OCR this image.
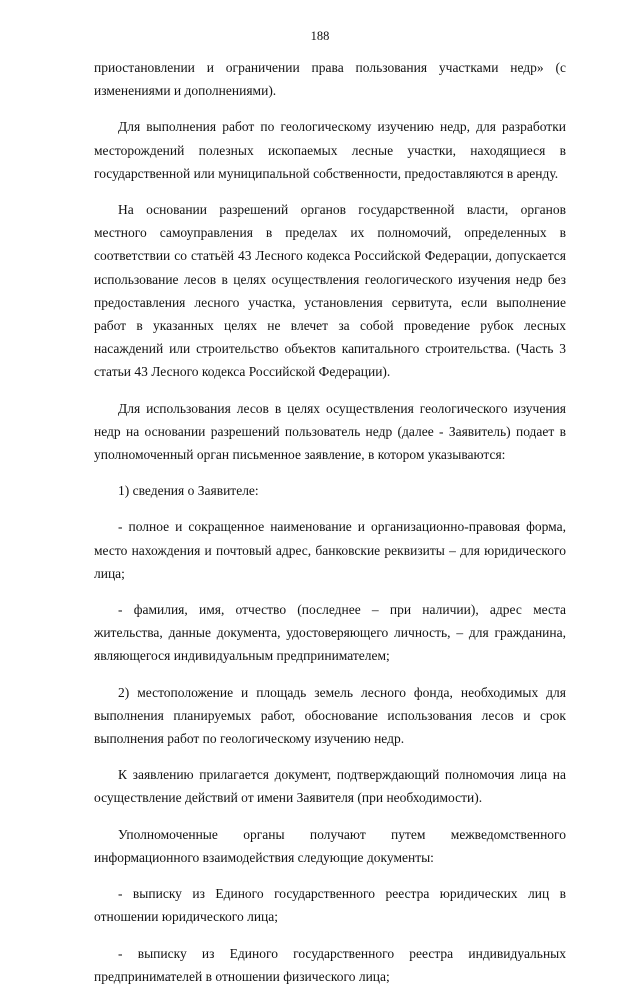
188

приостановлении и ограничении права пользования участками недр» (с изменениями и дополнениями).

Для выполнения работ по геологическому изучению недр, для разработки месторождений полезных ископаемых лесные участки, находящиеся в государственной или муниципальной собственности, предоставляются в аренду.

На основании разрешений органов государственной власти, органов местного самоуправления в пределах их полномочий, определенных в соответствии со статьёй 43 Лесного кодекса Российской Федерации, допускается использование лесов в целях осуществления геологического изучения недр без предоставления лесного участка, установления сервитута, если выполнение работ в указанных целях не влечет за собой проведение рубок лесных насаждений или строительство объектов капитального строительства. (Часть 3 статьи 43 Лесного кодекса Российской Федерации).

Для использования лесов в целях осуществления геологического изучения недр на основании разрешений пользователь недр (далее - Заявитель) подает в уполномоченный орган письменное заявление, в котором указываются:

1) сведения о Заявителе:

- полное и сокращенное наименование и организационно-правовая форма, место нахождения и почтовый адрес, банковские реквизиты – для юридического лица;

- фамилия, имя, отчество (последнее – при наличии), адрес места жительства, данные документа, удостоверяющего личность, – для гражданина, являющегося индивидуальным предпринимателем;

2) местоположение и площадь земель лесного фонда, необходимых для выполнения планируемых работ, обоснование использования лесов и срок выполнения работ по геологическому изучению недр.

К заявлению прилагается документ, подтверждающий полномочия лица на осуществление действий от имени Заявителя (при необходимости).

Уполномоченные органы получают путем межведомственного информационного взаимодействия следующие документы:

- выписку из Единого государственного реестра юридических лиц в отношении юридического лица;

- выписку из Единого государственного реестра индивидуальных предпринимателей в отношении физического лица;
